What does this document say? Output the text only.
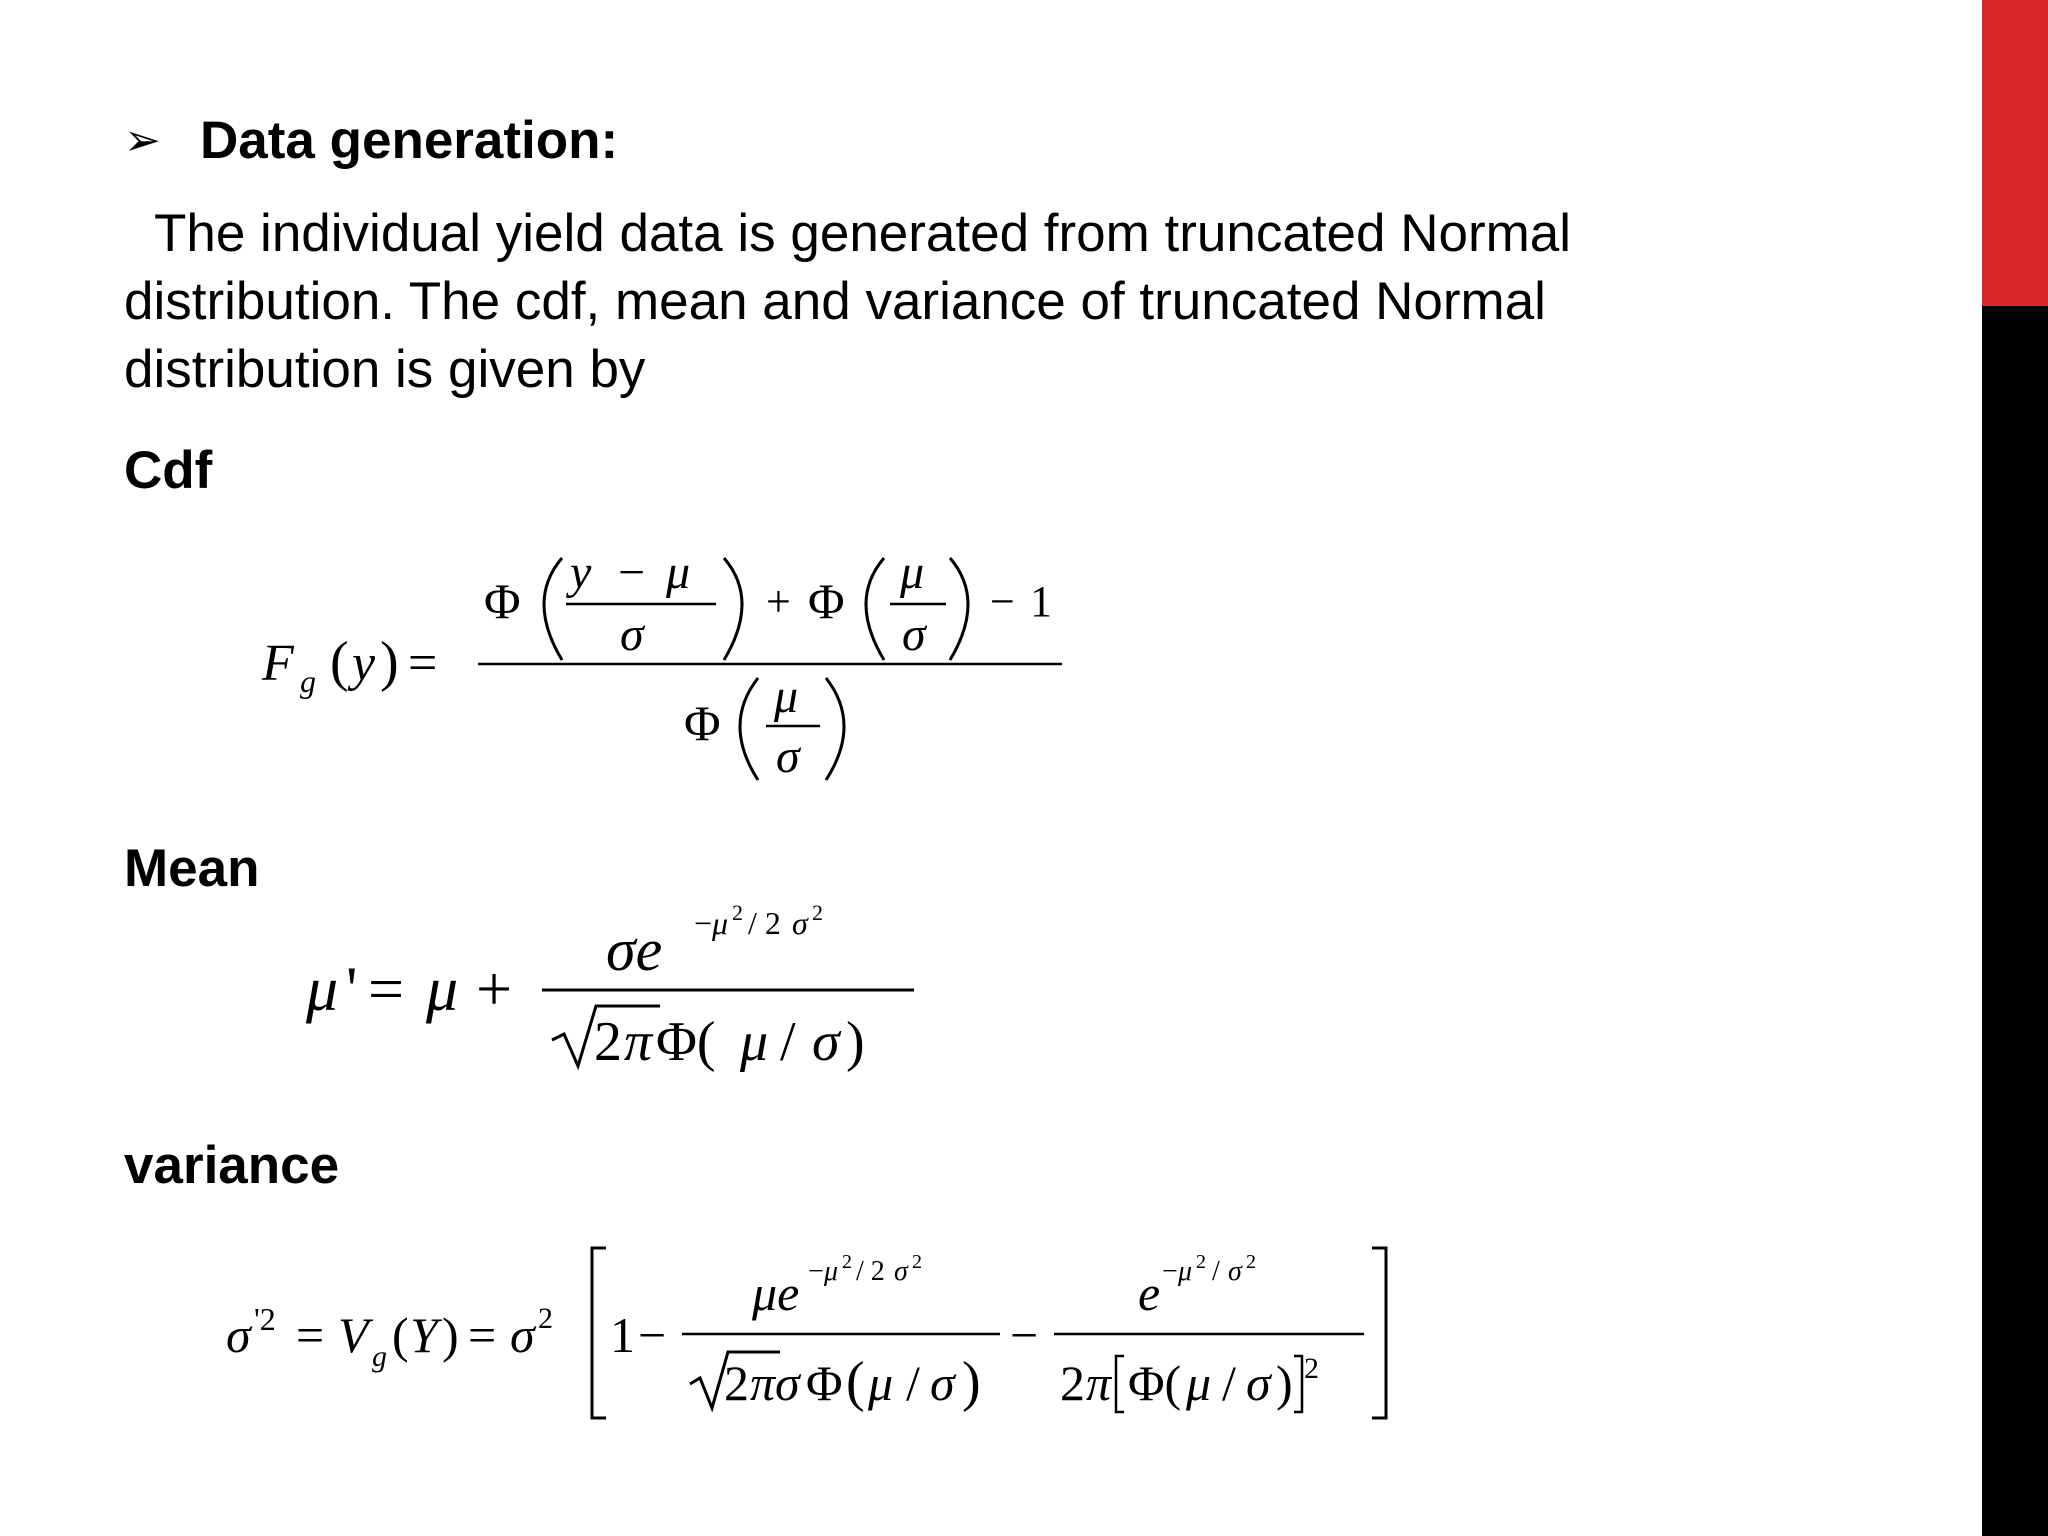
➢ Data generation:
The individual yield data is generated from truncated Normal distribution. The cdf, mean and variance of truncated Normal distribution is given by
Cdf
Mean
variance
F g ( y ) =
Φ
y − μ
σ
+ Φ
μ
σ
− 1
Φ μ
σ
μ ' = μ +
σe − μ 2 / 2 σ 2
2 π Φ( μ / σ )
σ '2 = V g ( Y ) = σ 2 1 −
μe − μ 2 / 2 σ 2
2 πσ Φ ( μ / σ )
−
e − μ 2 / σ 2
2 π Φ( μ / σ ) 2
